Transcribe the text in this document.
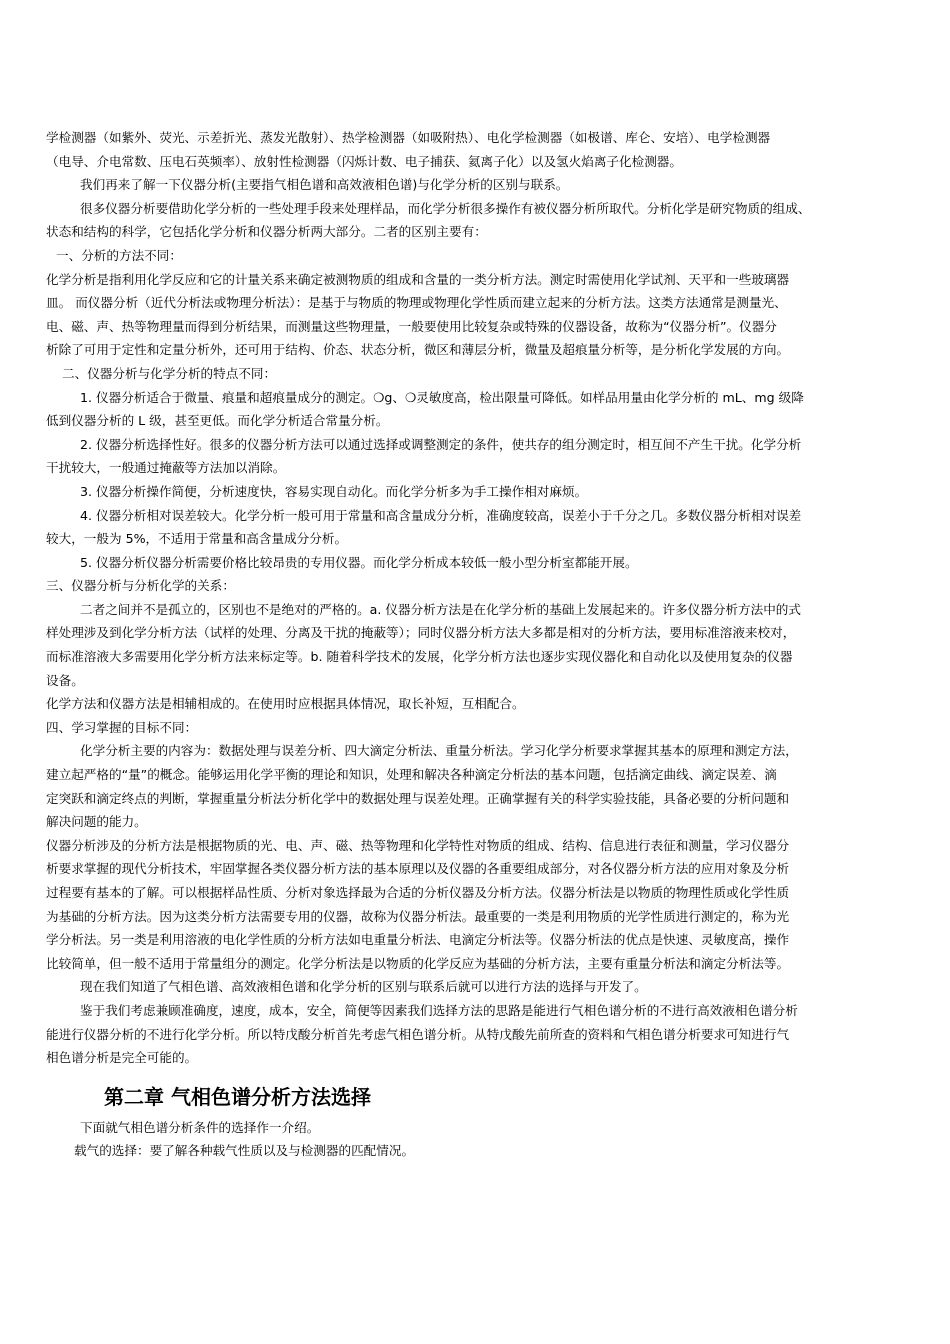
学检测器（如紫外、荧光、示差折光、蒸发光散射）、热学检测器（如吸附热）、电化学检测器（如极谱、库仑、安培）、电学检测器
（电导、介电常数、压电石英频率）、放射性检测器（闪烁计数、电子捕获、氦离子化）以及氢火焰离子化检测器。
我们再来了解一下仪器分析(主要指气相色谱和高效液相色谱)与化学分析的区别与联系。
很多仪器分析要借助化学分析的一些处理手段来处理样品，而化学分析很多操作有被仪器分析所取代。分析化学是研究物质的组成、
状态和结构的科学，它包括化学分析和仪器分析两大部分。二者的区别主要有：
一、分析的方法不同：
化学分析是指利用化学反应和它的计量关系来确定被测物质的组成和含量的一类分析方法。测定时需使用化学试剂、天平和一些玻璃器
皿。 而仪器分析（近代分析法或物理分析法）：是基于与物质的物理或物理化学性质而建立起来的分析方法。这类方法通常是测量光、
电、磁、声、热等物理量而得到分析结果，而测量这些物理量，一般要使用比较复杂或特殊的仪器设备，故称为“仪器分析”。仪器分
析除了可用于定性和定量分析外，还可用于结构、价态、状态分析，微区和薄层分析，微量及超痕量分析等，是分析化学发展的方向。
二、仪器分析与化学分析的特点不同：
1. 仪器分析适合于微量、痕量和超痕量成分的测定。❍g、❍灵敏度高，检出限量可降低。如样品用量由化学分析的 mL、mg 级降
低到仪器分析的 L 级，甚至更低。而化学分析适合常量分析。
2. 仪器分析选择性好。很多的仪器分析方法可以通过选择或调整测定的条件，使共存的组分测定时，相互间不产生干扰。化学分析
干扰较大，一般通过掩蔽等方法加以消除。
3. 仪器分析操作简便，分析速度快，容易实现自动化。而化学分析多为手工操作相对麻烦。
4. 仪器分析相对误差较大。化学分析一般可用于常量和高含量成分分析，准确度较高，误差小于千分之几。多数仪器分析相对误差
较大，一般为 5%，不适用于常量和高含量成分分析。
5. 仪器分析仪器分析需要价格比较昂贵的专用仪器。而化学分析成本较低一般小型分析室都能开展。
三、仪器分析与分析化学的关系：
二者之间并不是孤立的，区别也不是绝对的严格的。a. 仪器分析方法是在化学分析的基础上发展起来的。许多仪器分析方法中的式
样处理涉及到化学分析方法（试样的处理、分离及干扰的掩蔽等）；同时仪器分析方法大多都是相对的分析方法，要用标准溶液来校对，
而标准溶液大多需要用化学分析方法来标定等。b. 随着科学技术的发展，化学分析方法也逐步实现仪器化和自动化以及使用复杂的仪器
设备。
化学方法和仪器方法是相辅相成的。在使用时应根据具体情况，取长补短，互相配合。
四、学习掌握的目标不同：
化学分析主要的内容为：数据处理与误差分析、四大滴定分析法、重量分析法。学习化学分析要求掌握其基本的原理和测定方法，
建立起严格的“量”的概念。能够运用化学平衡的理论和知识，处理和解决各种滴定分析法的基本问题，包括滴定曲线、滴定误差、滴
定突跃和滴定终点的判断，掌握重量分析法分析化学中的数据处理与误差处理。正确掌握有关的科学实验技能，具备必要的分析问题和
解决问题的能力。
仪器分析涉及的分析方法是根据物质的光、电、声、磁、热等物理和化学特性对物质的组成、结构、信息进行表征和测量，学习仪器分
析要求掌握的现代分析技术，牢固掌握各类仪器分析方法的基本原理以及仪器的各重要组成部分，对各仪器分析方法的应用对象及分析
过程要有基本的了解。可以根据样品性质、分析对象选择最为合适的分析仪器及分析方法。仪器分析法是以物质的物理性质或化学性质
为基础的分析方法。因为这类分析方法需要专用的仪器，故称为仪器分析法。最重要的一类是利用物质的光学性质进行测定的，称为光
学分析法。另一类是利用溶液的电化学性质的分析方法如电重量分析法、电滴定分析法等。仪器分析法的优点是快速、灵敏度高，操作
比较简单，但一般不适用于常量组分的测定。化学分析法是以物质的化学反应为基础的分析方法，主要有重量分析法和滴定分析法等。
现在我们知道了气相色谱、高效液相色谱和化学分析的区别与联系后就可以进行方法的选择与开发了。
鉴于我们考虑兼顾准确度，速度，成本，安全，简便等因素我们选择方法的思路是能进行气相色谱分析的不进行高效液相色谱分析
能进行仪器分析的不进行化学分析。所以特戊酸分析首先考虑气相色谱分析。从特戊酸先前所查的资料和气相色谱分析要求可知进行气
相色谱分析是完全可能的。
第二章 气相色谱分析方法选择
下面就气相色谱分析条件的选择作一介绍。
载气的选择：要了解各种载气性质以及与检测器的匹配情况。
